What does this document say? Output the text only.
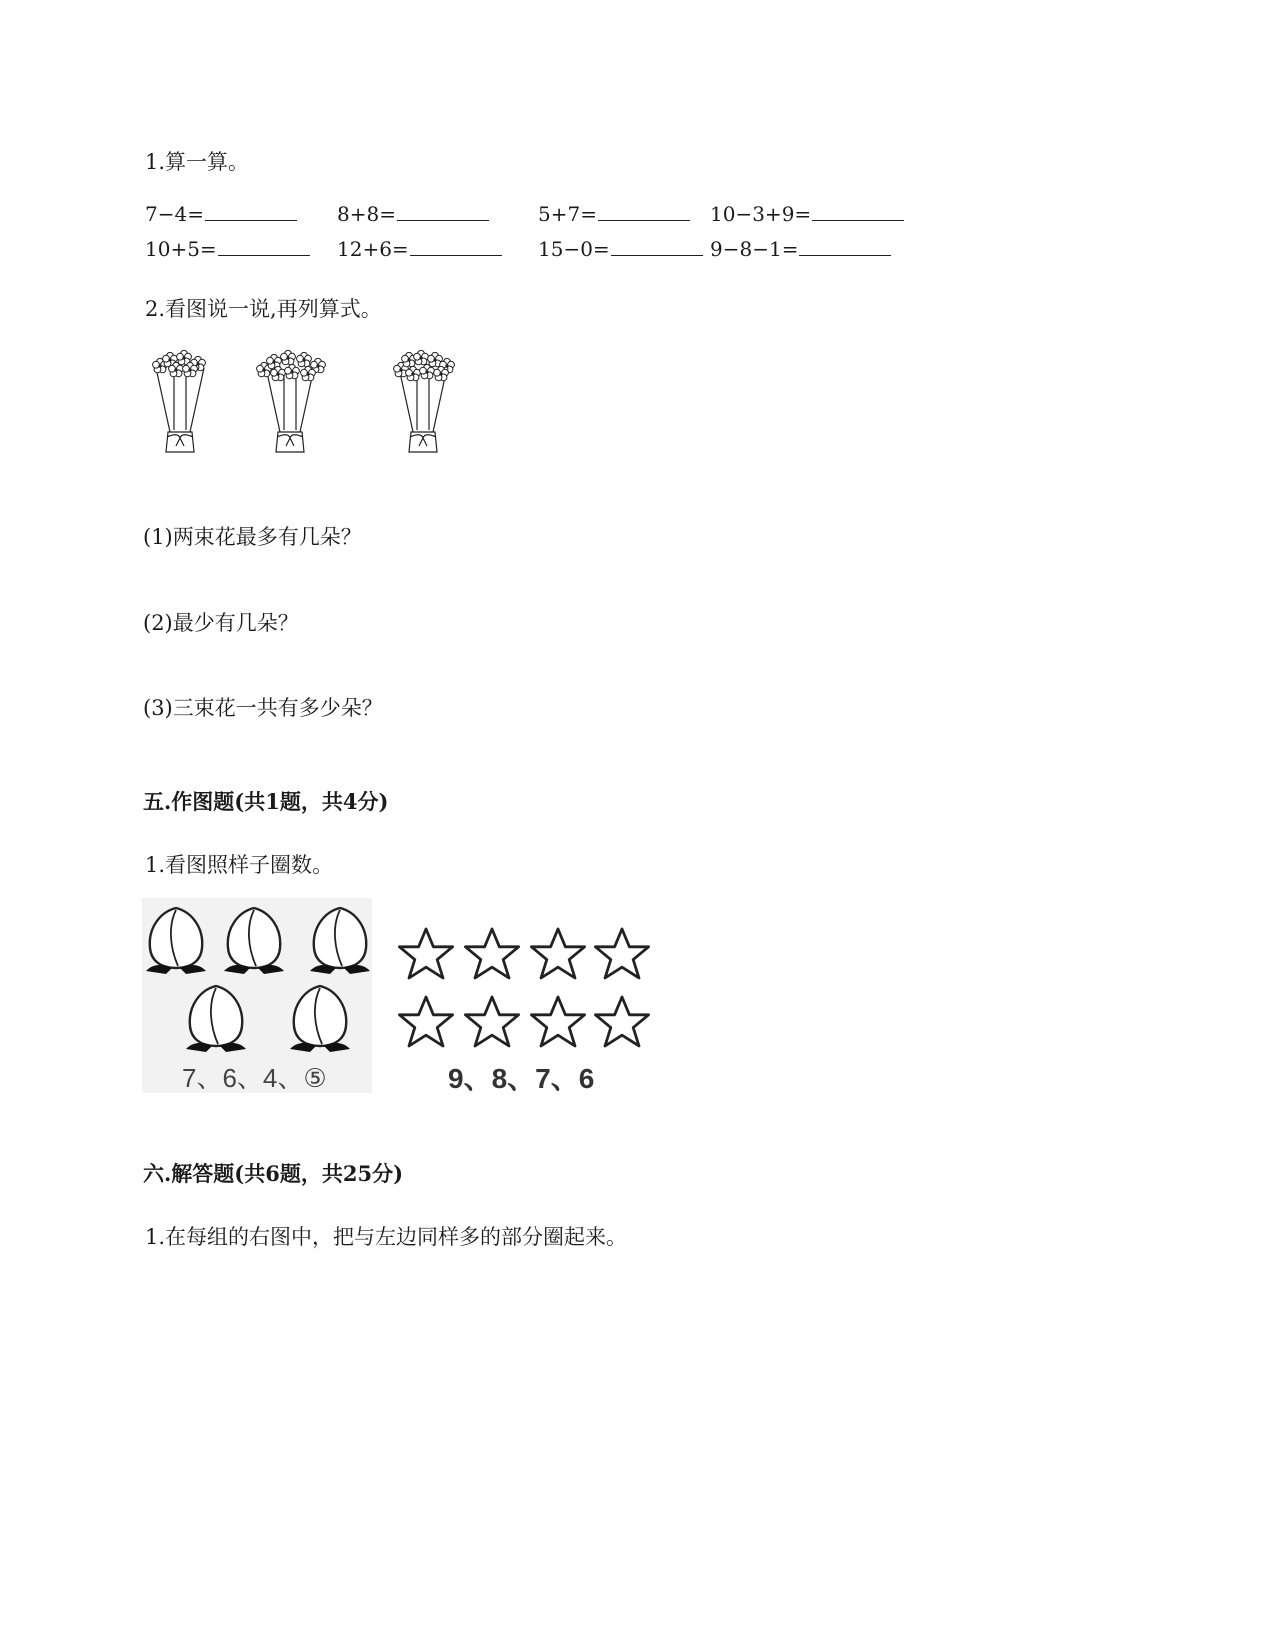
1.算一算。
7−4=	8+8=	5+7=	10−3+9=
10+5=	12+6=	15−0=	9−8−1=
2.看图说一说,再列算式。
(1)两束花最多有几朵？
(2)最少有几朵？
(3)三束花一共有多少朵？
五.作图题(共1题，共4分)
1.看图照样子圈数。
7、6、4、⑤	9、8、7、6
六.解答题(共6题，共25分)
1.在每组的右图中，把与左边同样多的部分圈起来。
